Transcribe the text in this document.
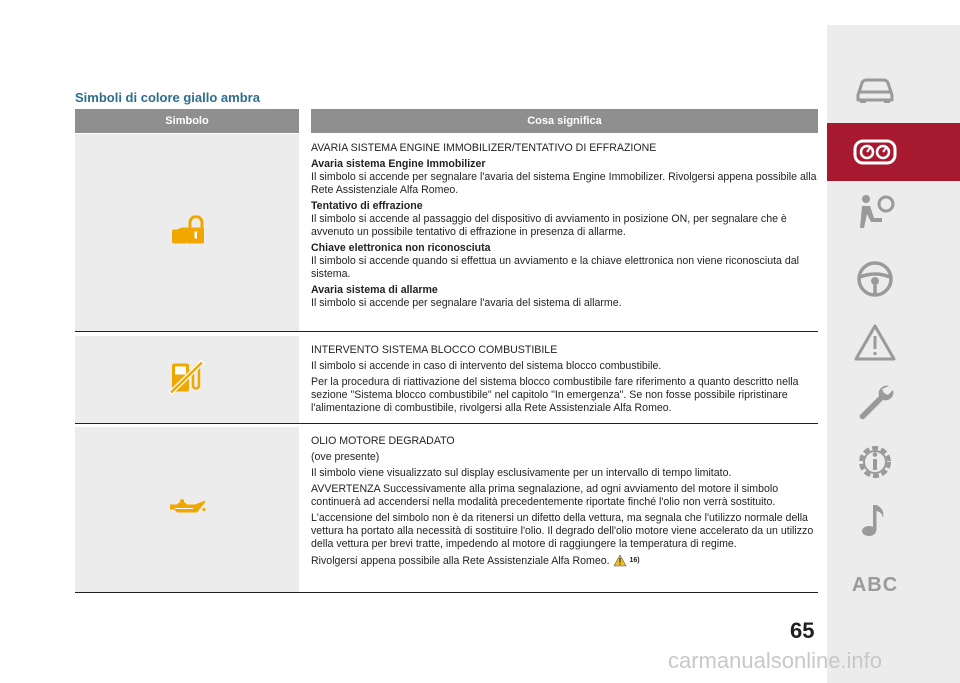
Simboli di colore giallo ambra
Simbolo	Cosa significa

AVARIA SISTEMA ENGINE IMMOBILIZER/TENTATIVO DI EFFRAZIONE

Avaria sistema Engine Immobilizer

Il simbolo si accende per segnalare l'avaria del sistema Engine Immobilizer. Rivolgersi appena possibile alla Rete Assistenziale Alfa Romeo.

Tentativo di effrazione

Il simbolo si accende al passaggio del dispositivo di avviamento in posizione ON, per segnalare che è avvenuto un possibile tentativo di effrazione in presenza di allarme.

Chiave elettronica non riconosciuta

Il simbolo si accende quando si effettua un avviamento e la chiave elettronica non viene riconosciuta dal sistema.

Avaria sistema di allarme

Il simbolo si accende per segnalare l'avaria del sistema di allarme.

INTERVENTO SISTEMA BLOCCO COMBUSTIBILE

Il simbolo si accende in caso di intervento del sistema blocco combustibile.

Per la procedura di riattivazione del sistema blocco combustibile fare riferimento a quanto descritto nella sezione "Sistema blocco combustibile" nel capitolo "In emergenza". Se non fosse possibile ripristinare l'alimentazione di combustibile, rivolgersi alla Rete Assistenziale Alfa Romeo.

OLIO MOTORE DEGRADATO

(ove presente)

Il simbolo viene visualizzato sul display esclusivamente per un intervallo di tempo limitato.

AVVERTENZA Successivamente alla prima segnalazione, ad ogni avviamento del motore il simbolo continuerà ad accendersi nella modalità precedentemente riportate finché l'olio non verrà sostituito.

L'accensione del simbolo non è da ritenersi un difetto della vettura, ma segnala che l'utilizzo normale della vettura ha portato alla necessità di sostituire l'olio. Il degrado dell'olio motore viene accelerato da un utilizzo della vettura per brevi tratte, impedendo al motore di raggiungere la temperatura di regime.

Rivolgersi appena possibile alla Rete Assistenziale Alfa Romeo.	$^{16)}$

ABC
65
carmanualsonline.info
